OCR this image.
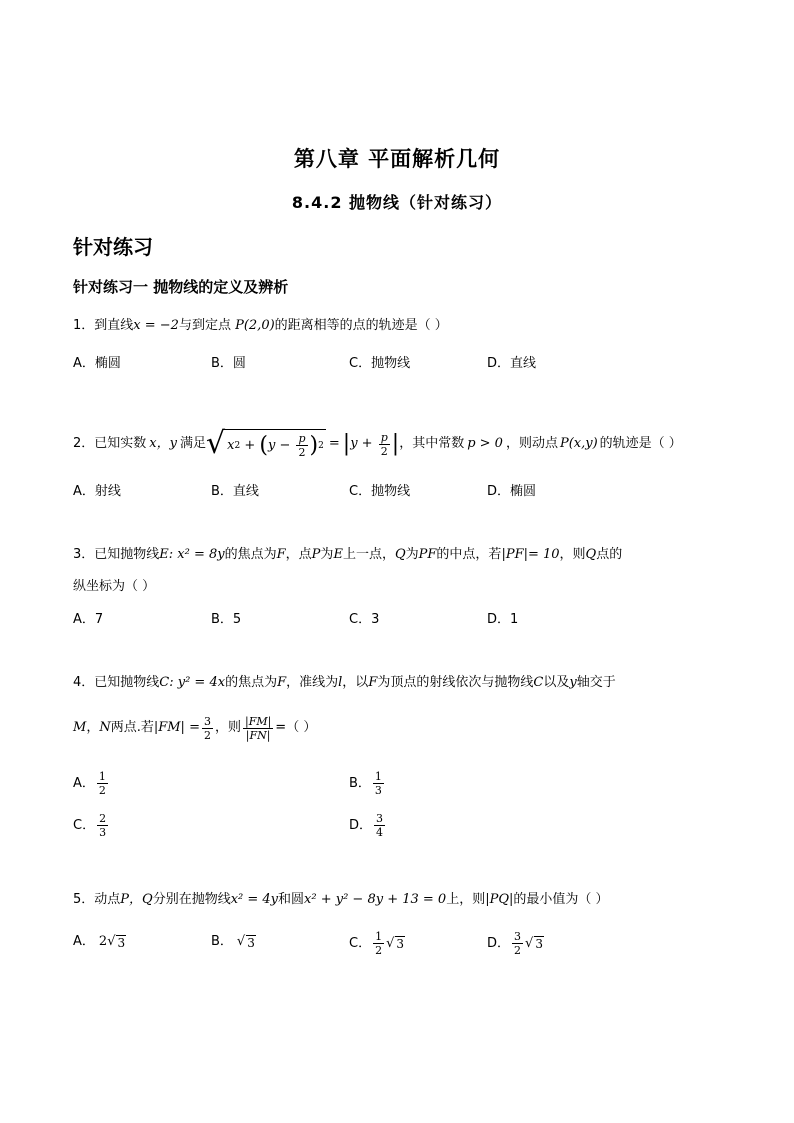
第八章 平面解析几何
8.4.2 抛物线（针对练习）
针对练习
针对练习一 抛物线的定义及辨析
1．到直线x = −2与到定点 P(2,0)的距离相等的点的轨迹是（ ）
A．椭圆	B．圆	C．抛物线	D．直线
2．已知实数 x，y 满足 √ x 2 + ( $y - \frac{p}{2}$ ) 2 = | $y + \frac{p}{2}$ | ，其中常数 p > 0 ，则动点 P(x,y) 的轨迹是（ ）
A．射线	B．直线	C．抛物线	D．椭圆
3．已知抛物线E: x² = 8y的焦点为F，点P为E上一点，Q为PF的中点，若|PF|= 10，则Q点的
纵坐标为（ ）
A．7	B．5	C．3	D．1
4．已知抛物线C: y² = 4x的焦点为F，准线为l，以F为顶点的射线依次与抛物线C以及y轴交于
M ， N 两点.若 $|FM| = \frac{3}{2}$ ，则 $\frac{|FM|}{|FN|}$ =（ ）
A． $\frac{1}{2}$	B． $\frac{1}{3}$
C． $\frac{2}{3}$	D． $\frac{3}{4}$
5．动点P，Q分别在抛物线x² = 4y和圆x² + y² − 8y + 13 = 0上，则|PQ|的最小值为（ ）
A． 2 √ 3	B． √ 3	C． $\frac{1}{2}$ √ 3	D． $\frac{3}{2}$ √ 3
